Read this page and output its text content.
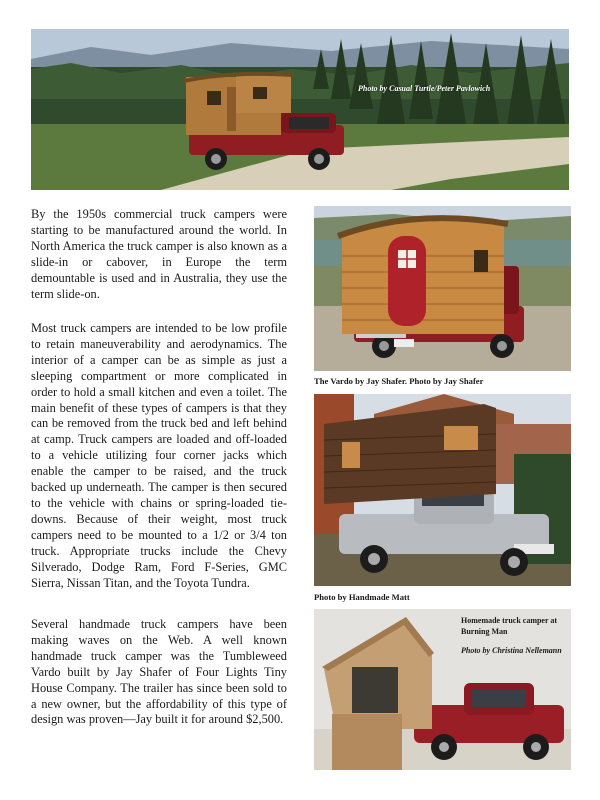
Photo by Casual Turtle/Peter Pavlowich

By the 1950s commercial truck campers were starting to be manufactured around the world. In North America the truck camper is also known as a slide-in or cabover, in Europe the term demountable is used and in Australia, they use the term slide-on.

Most truck campers are intended to be low profile to retain maneuverability and aerodynamics. The interior of a camper can be as simple as just a sleeping compartment or more complicated in order to hold a small kitchen and even a toilet. The main benefit of these types of campers is that they can be removed from the truck bed and left behind at camp. Truck campers are loaded and off-loaded to a vehicle utilizing four corner jacks which enable the camper to be raised, and the truck backed up underneath. The camper is then secured to the vehicle with chains or spring-loaded tie-downs. Because of their weight, most truck campers need to be mounted to a 1/2 or 3/4 ton truck. Appropriate trucks include the Chevy Silverado, Dodge Ram, Ford F-Series, GMC Sierra, Nissan Titan, and the Toyota Tundra.

Several handmade truck campers have been making waves on the Web. A well known handmade truck camper was the Tumbleweed Vardo built by Jay Shafer of Four Lights Tiny House Company. The trailer has since been sold to a new owner, but the affordability of this type of design was proven—Jay built it for around $2,500.

The Vardo by Jay Shafer. Photo by Jay Shafer
Photo by Handmade Matt
Homemade truck camper at Burning Man
Photo by Christina Nellemann
